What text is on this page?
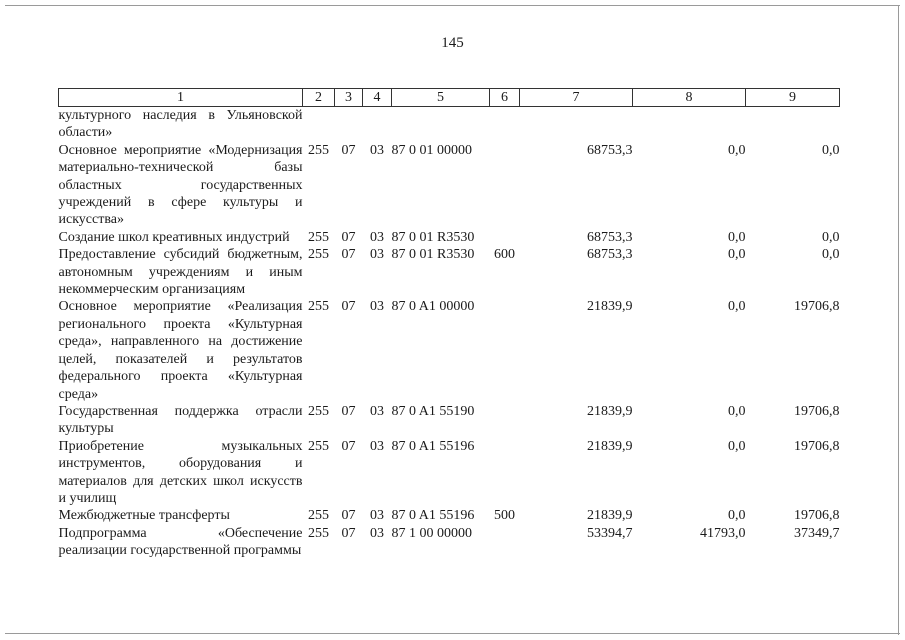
145
1	2	3	4	5	6	7	8	9
культурного наследия в Ульяновской области»								
Основное мероприятие «Модернизация материально-технической базы областных государственных учреждений в сфере культуры и искусства»	255	07	03	87 0 01 00000		68753,3	0,0	0,0
Создание школ креативных индустрий	255	07	03	87 0 01 R3530		68753,3	0,0	0,0
Предоставление субсидий бюджетным, автономным учреждениям и иным некоммерческим организациям	255	07	03	87 0 01 R3530	600	68753,3	0,0	0,0
Основное мероприятие «Реализация регионального проекта «Культурная среда», направленного на достижение целей, показателей и результатов федерального проекта «Культурная среда»	255	07	03	87 0 A1 00000		21839,9	0,0	19706,8
Государственная поддержка отрасли культуры	255	07	03	87 0 A1 55190		21839,9	0,0	19706,8
Приобретение музыкальных инструментов, оборудования и материалов для детских школ искусств и училищ	255	07	03	87 0 A1 55196		21839,9	0,0	19706,8
Межбюджетные трансферты	255	07	03	87 0 A1 55196	500	21839,9	0,0	19706,8
Подпрограмма «Обеспечение реализации государственной программы	255	07	03	87 1 00 00000		53394,7	41793,0	37349,7
